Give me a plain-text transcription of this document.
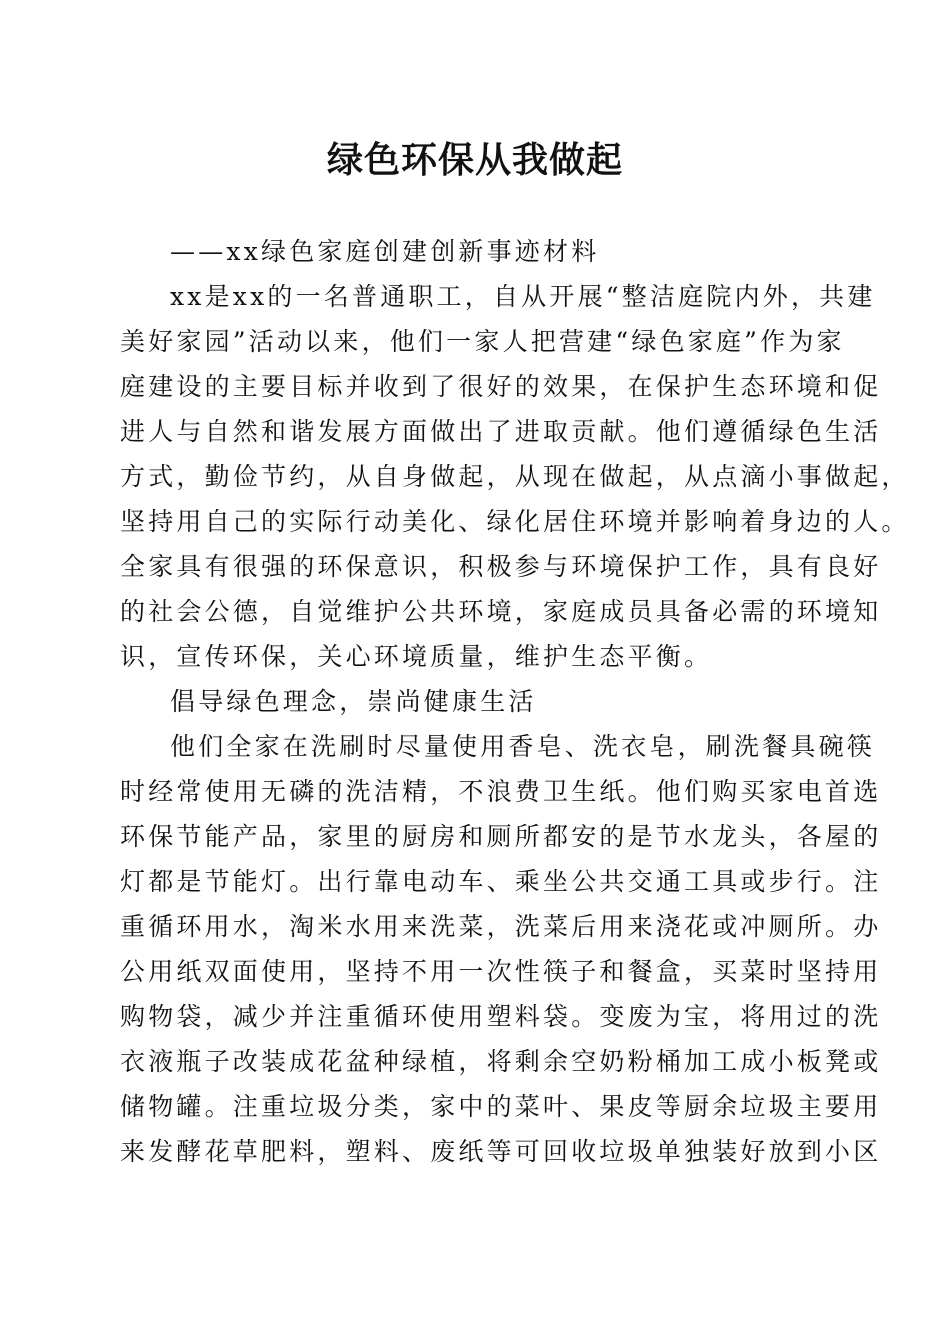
绿色环保从我做起
——xx绿色家庭创建创新事迹材料
xx是xx的一名普通职工，自从开展“整洁庭院内外，共建
美好家园”活动以来，他们一家人把营建“绿色家庭”作为家
庭建设的主要目标并收到了很好的效果，在保护生态环境和促
进人与自然和谐发展方面做出了进取贡献。他们遵循绿色生活
方式，勤俭节约，从自身做起，从现在做起，从点滴小事做起，
坚持用自己的实际行动美化、绿化居住环境并影响着身边的人。
全家具有很强的环保意识，积极参与环境保护工作，具有良好
的社会公德，自觉维护公共环境，家庭成员具备必需的环境知
识，宣传环保，关心环境质量，维护生态平衡。
倡导绿色理念，崇尚健康生活
他们全家在洗刷时尽量使用香皂、洗衣皂，刷洗餐具碗筷
时经常使用无磷的洗洁精，不浪费卫生纸。他们购买家电首选
环保节能产品，家里的厨房和厕所都安的是节水龙头，各屋的
灯都是节能灯。出行靠电动车、乘坐公共交通工具或步行。注
重循环用水，淘米水用来洗菜，洗菜后用来浇花或冲厕所。办
公用纸双面使用，坚持不用一次性筷子和餐盒，买菜时坚持用
购物袋，减少并注重循环使用塑料袋。变废为宝，将用过的洗
衣液瓶子改装成花盆种绿植，将剩余空奶粉桶加工成小板凳或
储物罐。注重垃圾分类，家中的菜叶、果皮等厨余垃圾主要用
来发酵花草肥料，塑料、废纸等可回收垃圾单独装好放到小区
